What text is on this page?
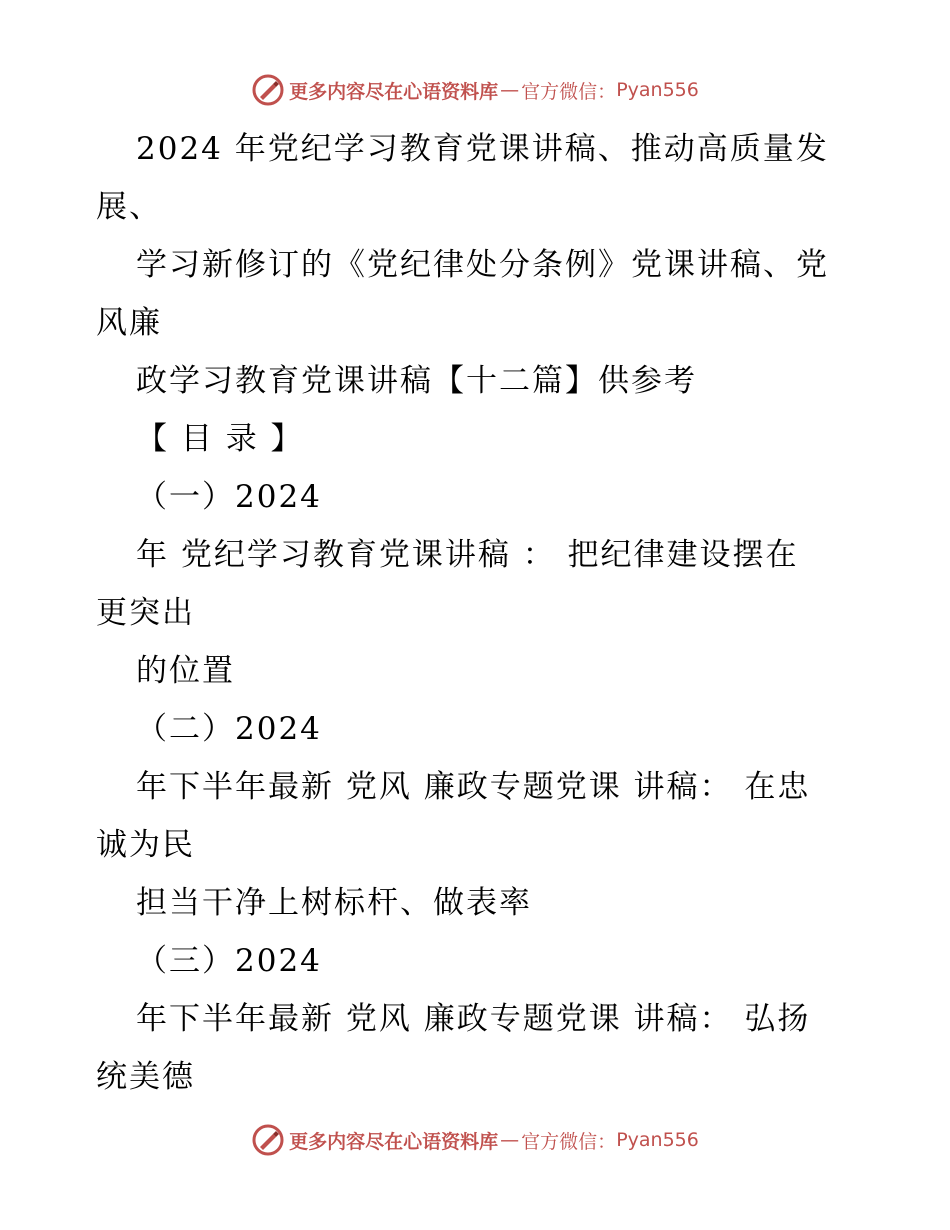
更多内容尽在心语资料库 — 官方微信： Pyan556
2024 年党纪学习教育党课讲稿、推动高质量发
展、
学习新修订的《党纪律处分条例》党课讲稿、党
风廉
政学习教育党课讲稿【十二篇】供参考
【 目 录 】
（一）2024
年 党纪学习教育党课讲稿 ： 把纪律建设摆在
更突出
的位置
（二）2024
年下半年最新 党风 廉政专题党课 讲稿： 在忠
诚为民
担当干净上树标杆、做表率
（三）2024
年下半年最新 党风 廉政专题党课 讲稿： 弘扬
统美德
更多内容尽在心语资料库 — 官方微信： Pyan556
